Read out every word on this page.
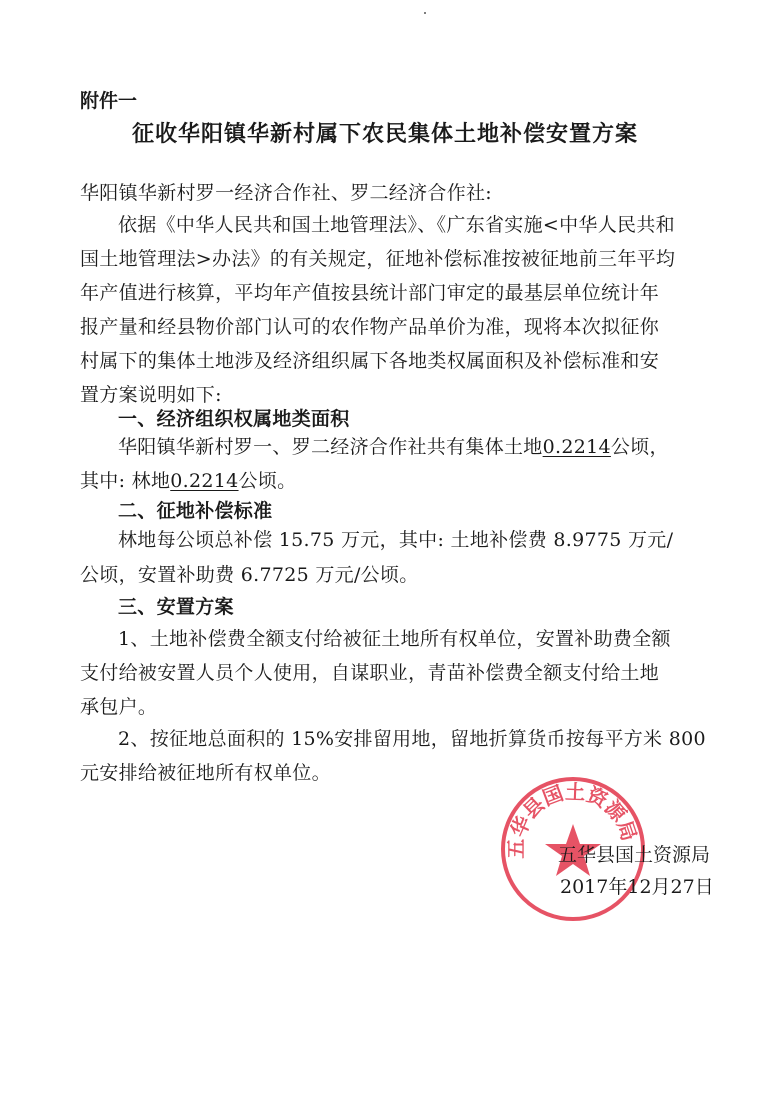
附件一
征收华阳镇华新村属下农民集体土地补偿安置方案
华阳镇华新村罗一经济合作社、罗二经济合作社:
依据《中华人民共和国土地管理法》、《广东省实施<中华人民共和
国土地管理法>办法》的有关规定，征地补偿标准按被征地前三年平均
年产值进行核算，平均年产值按县统计部门审定的最基层单位统计年
报产量和经县物价部门认可的农作物产品单价为准，现将本次拟征你
村属下的集体土地涉及经济组织属下各地类权属面积及补偿标准和安
置方案说明如下:
一、经济组织权属地类面积
华阳镇华新村罗一、罗二经济合作社共有集体土地0.2214公顷，
其中: 林地0.2214公顷。
二、征地补偿标准
林地每公顷总补偿 15.75 万元，其中: 土地补偿费 8.9775 万元/
公顷，安置补助费 6.7725 万元/公顷。
三、安置方案
1、土地补偿费全额支付给被征土地所有权单位，安置补助费全额
支付给被安置人员个人使用，自谋职业，青苗补偿费全额支付给土地
承包户。
2、按征地总面积的 15%安排留用地，留地折算货币按每平方米 800
元安排给被征地所有权单位。
五华县国土资源局
五华县国土资源局
2017年12月27日
